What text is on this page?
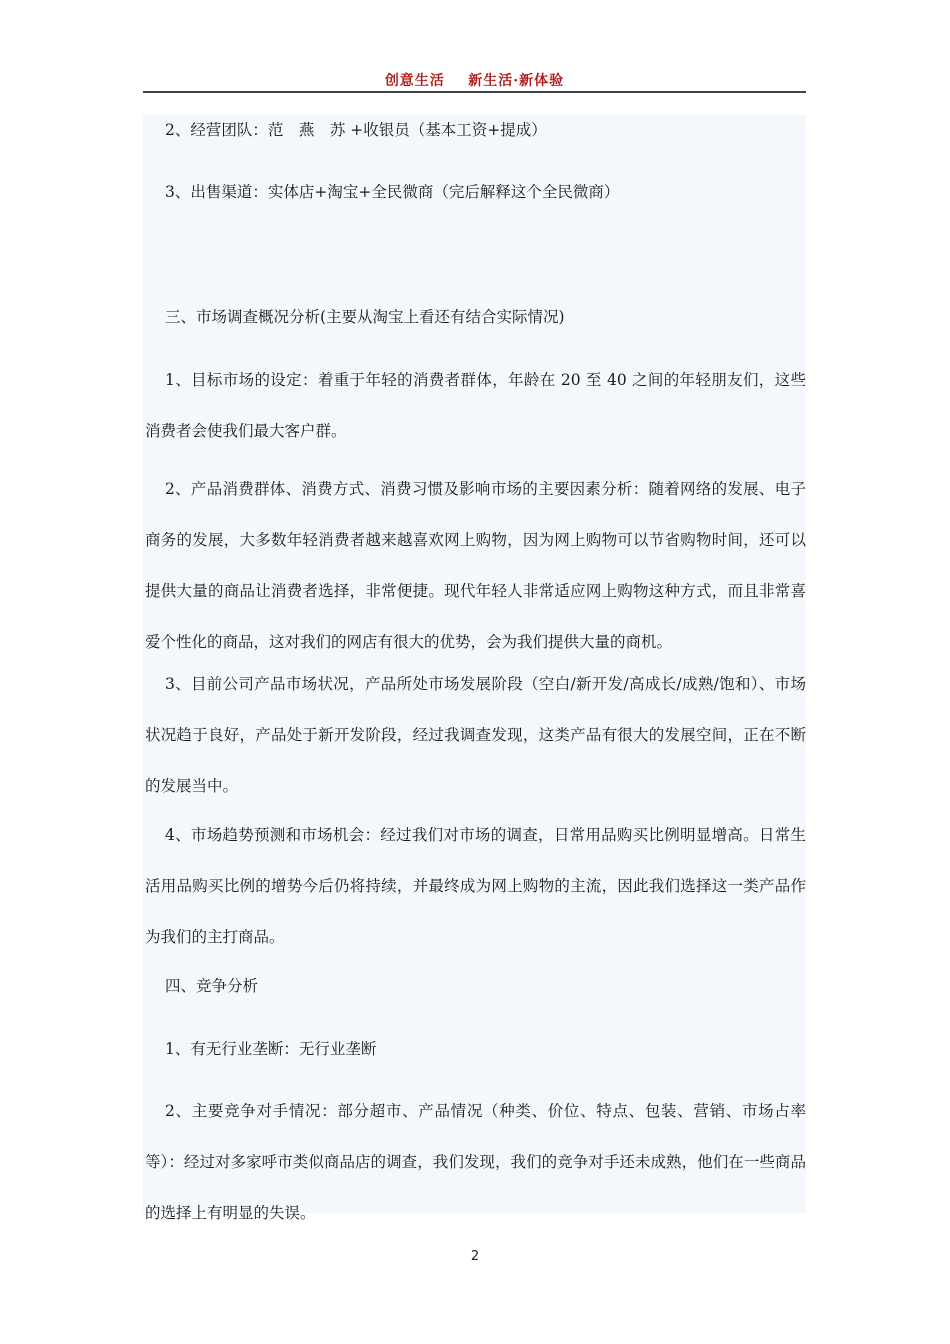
创意生活    新生活·新体验
2、经营团队：范　燕　苏 +收银员（基本工资+提成）
3、出售渠道：实体店+淘宝+全民微商（完后解释这个全民微商）
三、市场调查概况分析(主要从淘宝上看还有结合实际情况)
1、目标市场的设定：着重于年轻的消费者群体，年龄在 20 至 40 之间的年轻朋友们，这些消费者会使我们最大客户群。
2、产品消费群体、消费方式、消费习惯及影响市场的主要因素分析：随着网络的发展、电子商务的发展，大多数年轻消费者越来越喜欢网上购物，因为网上购物可以节省购物时间，还可以提供大量的商品让消费者选择，非常便捷。现代年轻人非常适应网上购物这种方式，而且非常喜爱个性化的商品，这对我们的网店有很大的优势，会为我们提供大量的商机。
3、目前公司产品市场状况，产品所处市场发展阶段（空白/新开发/高成长/成熟/饱和）、市场状况趋于良好，产品处于新开发阶段，经过我调查发现，这类产品有很大的发展空间，正在不断的发展当中。
4、市场趋势预测和市场机会：经过我们对市场的调查，日常用品购买比例明显增高。日常生活用品购买比例的增势今后仍将持续，并最终成为网上购物的主流，因此我们选择这一类产品作为我们的主打商品。
四、竞争分析
1、有无行业垄断：无行业垄断
2、主要竞争对手情况：部分超市、产品情况（种类、价位、特点、包装、营销、市场占率等）：经过对多家呼市类似商品店的调查，我们发现，我们的竞争对手还未成熟，他们在一些商品的选择上有明显的失误。
2
